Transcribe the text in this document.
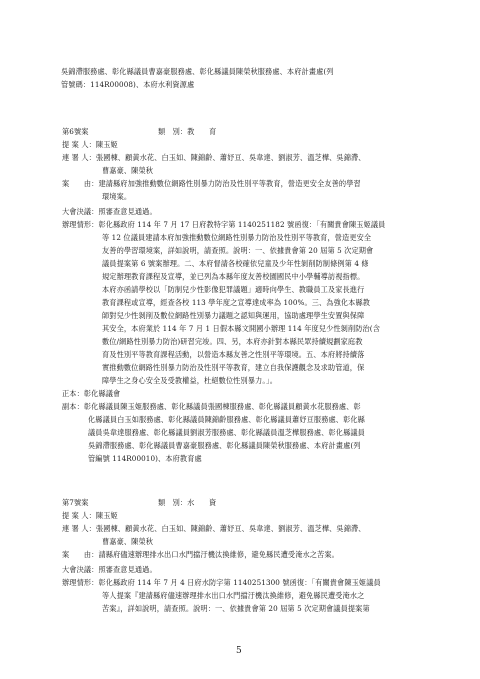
吳錦滯服務處、彰化縣議員曹嘉豪服務處、彰化縣議員陳榮秋服務處、本府計畫處(列
管號碼：114R00008)、本府水利資源處
第6號案	類　別：教　　育
提 案 人：陳玉姬
連 署 人：張國棟、顧黃水花、白玉如、陳錦齡、蕭妤亘、吳韋達、劉淑芳、溫芝樺、吳錦滯、
曹嘉豪、陳榮秋
案　　由：建請縣府加強推動數位網路性別暴力防治及性別平等教育，營造更安全友善的學習
環境案。
大會決議：照審查意見通過。
辦理情形：彰化縣政府 114 年 7 月 17 日府教特字第 1140251182 號函復：「有關貴會陳玉姬議員
等 12 位議員建請本府加強推動數位網路性別暴力防治及性別平等教育，營造更安全
友善的學習環境案，詳如說明，請查照。說明：一、依據貴會第 20 屆第 5 次定期會
議員提案第 6 號案辦理。二、本府督請各校確依兒童及少年性剝削防制條例第 4 條
規定辦理教育課程及宣導，並已列為本縣年度友善校園國民中小學輔導訪視指標。
本府亦函請學校以「防制兒少性影像犯罪議題」適時向學生、教職員工及家長進行
教育課程或宣導，經查各校 113 學年度之宣導達成率為 100%。三、為強化本縣教
師對兒少性剝削及數位網路性別暴力議題之認知與運用，協助處理學生安置與保障
其安全，本府業於 114 年 7 月 1 日假本縣文開國小辦理 114 年度兒少性剝削防治(含
數位/網路性別暴力防治)研習完竣。四、另，本府亦針對本縣民眾持續規劃家庭教
育及性別平等教育課程活動，以營造本縣友善之性別平等環境。五、本府將持續落
實推動數位網路性別暴力防治及性別平等教育，建立自我保護觀念及求助管道，保
障學生之身心安全及受教權益，杜絕數位性別暴力。」。
正本：彰化縣議會
副本：彰化縣議員陳玉姬服務處、彰化縣議員張國棟服務處、彰化縣議員顧黃水花服務處、彰
化縣議員白玉如服務處、彰化縣議員陳錦齡服務處、彰化縣議員蕭妤亘服務處、彰化縣
議員吳韋達服務處、彰化縣議員劉淑芳服務處、彰化縣議員溫芝樺服務處、彰化縣議員
吳錦滯服務處、彰化縣議員曹嘉豪服務處、彰化縣議員陳榮秋服務處、本府計畫處(列
管編號 114R00010)、本府教育處
第7號案	類　別：水　　資
提 案 人：陳玉姬
連 署 人：張國棟、顧黃水花、白玉如、陳錦齡、蕭妤亘、吳韋達、劉淑芳、溫芝樺、吳錦滯、
曹嘉豪、陳榮秋
案　　由：請縣府儘速辦理排水出口水門擋汙機汰換維修，避免縣民遭受淹水之苦案。
大會決議：照審查意見通過。
辦理情形：彰化縣政府 114 年 7 月 4 日府水防字第 1140251300 號函復：「有關貴會陳玉姬議員
等人提案『建請縣府儘速辦理排水出口水門擋汙機汰換維修，避免縣民遭受淹水之
苦案』，詳如說明，請查照。說明：一、依據貴會第 20 屆第 5 次定期會議員提案第
5
